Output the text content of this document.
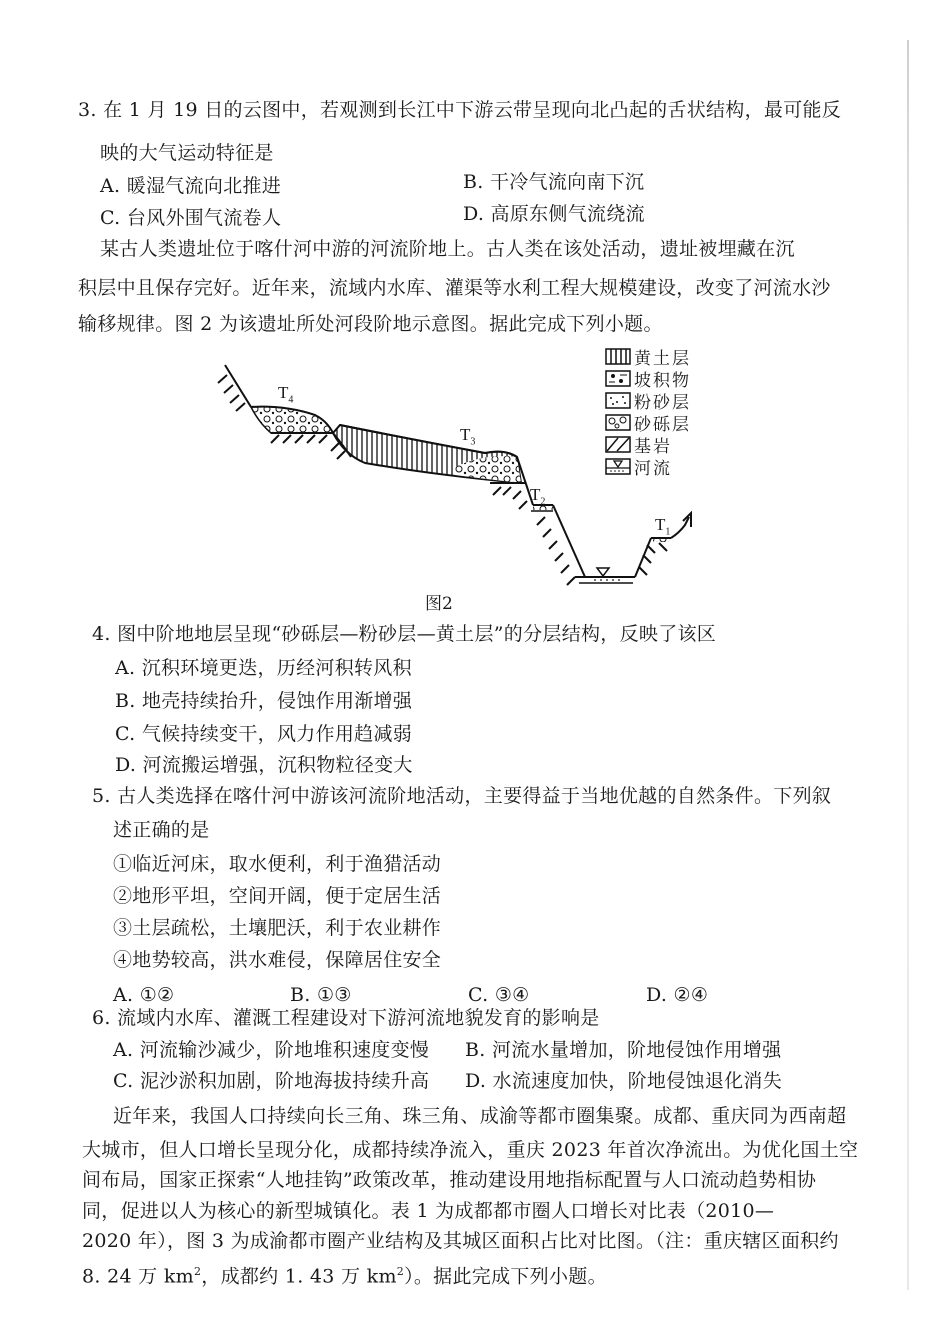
3. 在 1 月 19 日的云图中，若观测到长江中下游云带呈现向北凸起的舌状结构，最可能反
映的大气运动特征是
A. 暖湿气流向北推进	B. 干冷气流向南下沉
C. 台风外围气流卷人	D. 高原东侧气流绕流
某古人类遗址位于喀什河中游的河流阶地上。古人类在该处活动，遗址被埋藏在沉
积层中且保存完好。近年来，流域内水库、灌渠等水利工程大规模建设，改变了河流水沙
输移规律。图 2 为该遗址所处河段阶地示意图。据此完成下列小题。
$T_4$
$T_3$
$T_2$
$T_1$
黄土层
坡积物
粉砂层
砂砾层
基岩
河流
图2
4. 图中阶地地层呈现“砂砾层—粉砂层—黄土层”的分层结构，反映了该区
A. 沉积环境更迭，历经河积转风积
B. 地壳持续抬升，侵蚀作用渐增强
C. 气候持续变干，风力作用趋减弱
D. 河流搬运增强，沉积物粒径变大
5. 古人类选择在喀什河中游该河流阶地活动，主要得益于当地优越的自然条件。下列叙
述正确的是
①临近河床，取水便利，利于渔猎活动
②地形平坦，空间开阔，便于定居生活
③土层疏松，土壤肥沃，利于农业耕作
④地势较高，洪水难侵，保障居住安全
A. ①②	B. ①③	C. ③④	D. ②④
6. 流域内水库、灌溉工程建设对下游河流地貌发育的影响是
A. 河流输沙减少，阶地堆积速度变慢 B. 河流水量增加，阶地侵蚀作用增强
C. 泥沙淤积加剧，阶地海拔持续升高 D. 水流速度加快，阶地侵蚀退化消失
近年来，我国人口持续向长三角、珠三角、成渝等都市圈集聚。成都、重庆同为西南超
大城市，但人口增长呈现分化，成都持续净流入，重庆 2023 年首次净流出。为优化国土空
间布局，国家正探索“人地挂钩”政策改革，推动建设用地指标配置与人口流动趋势相协
同，促进以人为核心的新型城镇化。表 1 为成都都市圈人口增长对比表（2010—
2020 年），图 3 为成渝都市圈产业结构及其城区面积占比对比图。（注：重庆辖区面积约
8. 24 万 $km^2$，成都约 1. 43 万 $km^2$）。据此完成下列小题。
